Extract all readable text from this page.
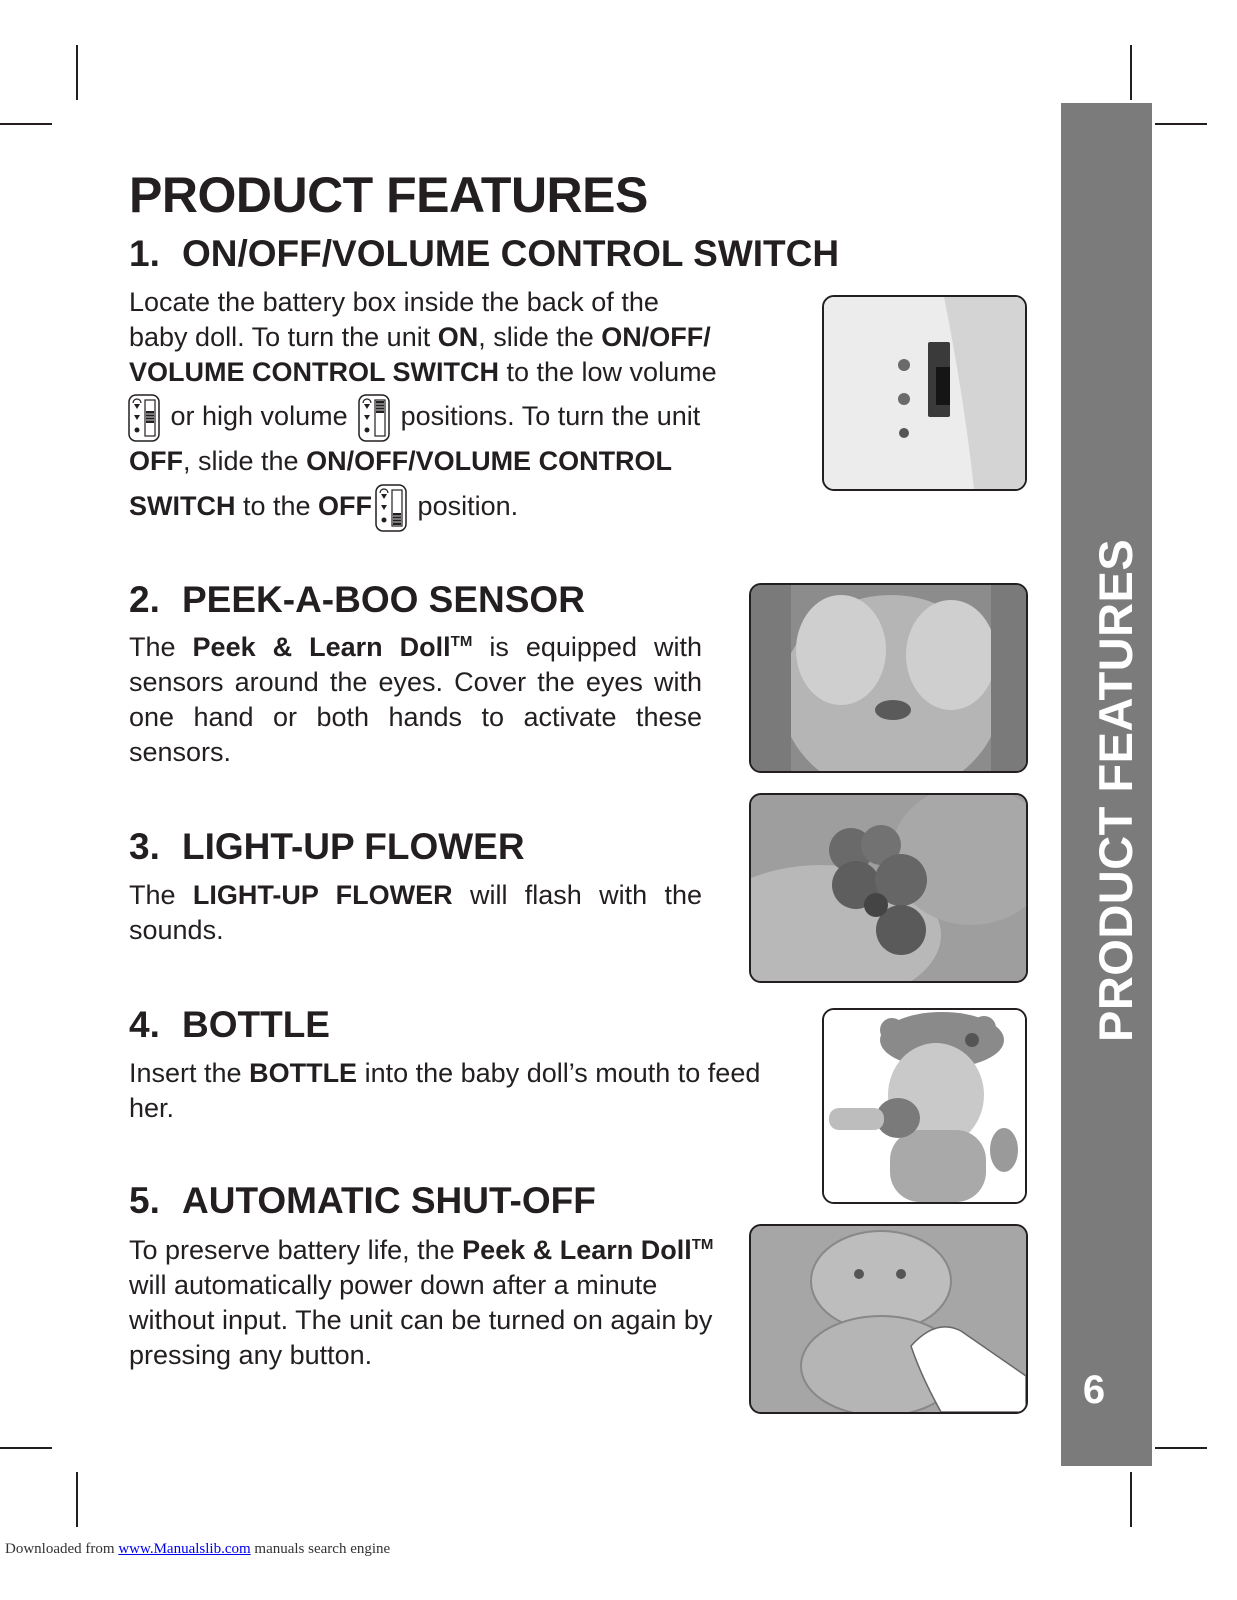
PRODUCT FEATURES
6
PRODUCT FEATURES
1. ON/OFF/VOLUME CONTROL SWITCH
Locate the battery box inside the back of the
baby doll. To turn the unit ON, slide the ON/OFF/
VOLUME CONTROL SWITCH to the low volume
or high volume
positions. To turn the unit
OFF, slide the ON/OFF/VOLUME CONTROL
SWITCH to the OFF
position.
2. PEEK-A-BOO SENSOR

The Peek & Learn Doll™ is equipped with sensors around the eyes. Cover the eyes with one hand or both hands to activate these sensors.

3. LIGHT-UP FLOWER

The LIGHT-UP FLOWER will flash with the sounds.

4. BOTTLE

Insert the BOTTLE into the baby doll’s mouth to feed her.

5. AUTOMATIC SHUT-OFF

To preserve battery life, the Peek & Learn Doll™ will automatically power down after a minute without input. The unit can be turned on again by pressing any button.

Downloaded from www.Manualslib.com manuals search engine
